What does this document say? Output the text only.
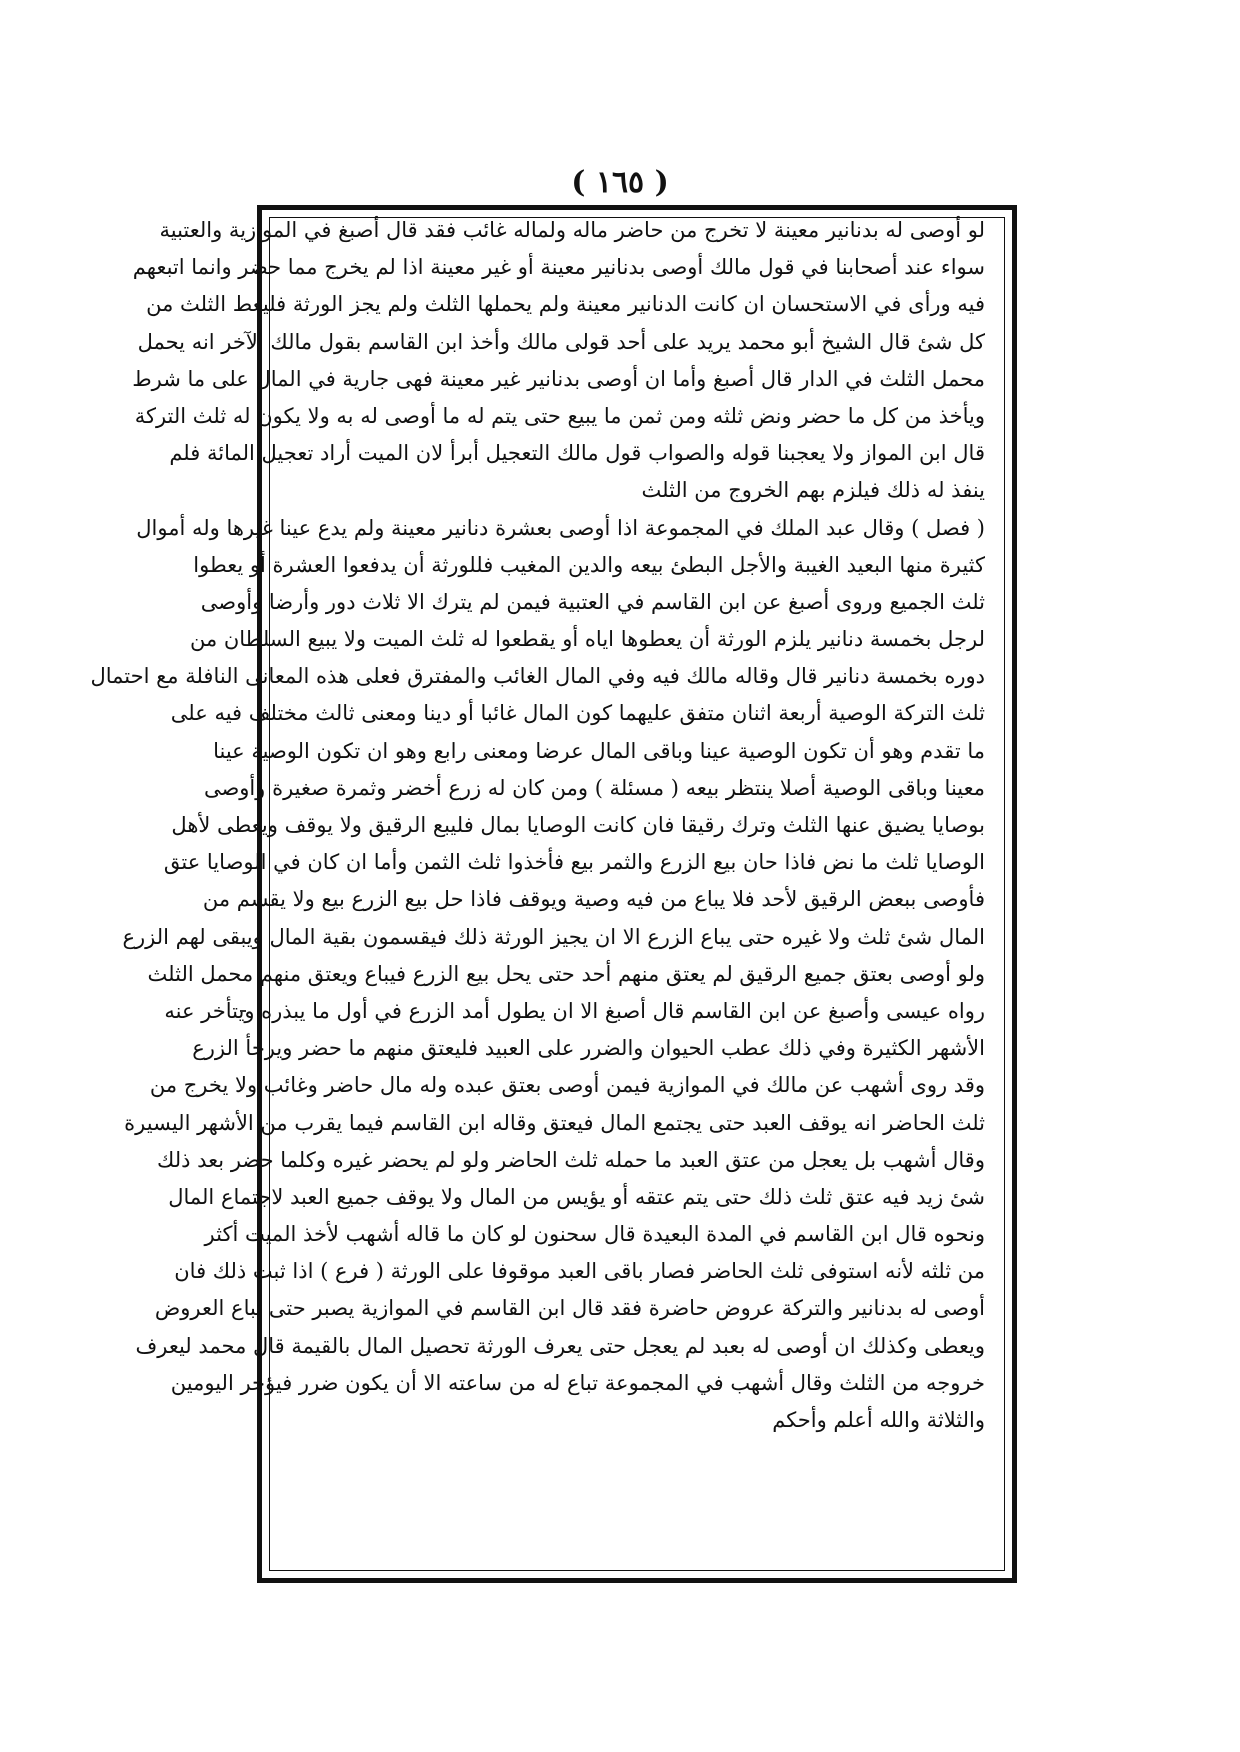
( ١٦٥ )
لو أوصى له بدنانير معينة لا تخرج من حاضر ماله ولماله غائب فقد قال أصبغ في الموازية والعتبية
سواء عند أصحابنا في قول مالك أوصى بدنانير معينة أو غير معينة اذا لم يخرج مما حضر وانما اتبعهم
فيه ورأى في الاستحسان ان كانت الدنانير معينة ولم يحملها الثلث ولم يجز الورثة فليعط الثلث من
كل شئ قال الشيخ أبو محمد يريد على أحد قولى مالك وأخذ ابن القاسم بقول مالك الآخر انه يحمل
محمل الثلث في الدار قال أصبغ وأما ان أوصى بدنانير غير معينة فهى جارية في المال على ما شرط
ويأخذ من كل ما حضر ونض ثلثه ومن ثمن ما يبيع حتى يتم له ما أوصى له به ولا يكون له ثلث التركة
قال ابن المواز ولا يعجبنا قوله والصواب قول مالك التعجيل أبرأ لان الميت أراد تعجيل المائة فلم
ينفذ له ذلك فيلزم بهم الخروج من الثلث
( فصل ) وقال عبد الملك في المجموعة اذا أوصى بعشرة دنانير معينة ولم يدع عينا غيرها وله أموال
كثيرة منها البعيد الغيبة والأجل البطئ بيعه والدين المغيب فللورثة أن يدفعوا العشرة أو يعطوا
ثلث الجميع وروى أصبغ عن ابن القاسم في العتبية فيمن لم يترك الا ثلاث دور وأرضا وأوصى
لرجل بخمسة دنانير يلزم الورثة أن يعطوها اياه أو يقطعوا له ثلث الميت ولا يبيع السلطان من
دوره بخمسة دنانير قال وقاله مالك فيه وفي المال الغائب والمفترق فعلى هذه المعانى النافلة مع احتمال
ثلث التركة الوصية أربعة اثنان متفق عليهما كون المال غائبا أو دينا ومعنى ثالث مختلف فيه على
ما تقدم وهو أن تكون الوصية عينا وباقى المال عرضا ومعنى رابع وهو ان تكون الوصية عينا
معينا وباقى الوصية أصلا ينتظر بيعه ( مسئلة ) ومن كان له زرع أخضر وثمرة صغيرة وأوصى
بوصايا يضيق عنها الثلث وترك رقيقا فان كانت الوصايا بمال فليبع الرقيق ولا يوقف ويعطى لأهل
الوصايا ثلث ما نض فاذا حان بيع الزرع والثمر بيع فأخذوا ثلث الثمن وأما ان كان في الوصايا عتق
فأوصى ببعض الرقيق لأحد فلا يباع من فيه وصية ويوقف فاذا حل بيع الزرع بيع ولا يقسم من
المال شئ ثلث ولا غيره حتى يباع الزرع الا ان يجيز الورثة ذلك فيقسمون بقية المال ويبقى لهم الزرع
ولو أوصى بعتق جميع الرقيق لم يعتق منهم أحد حتى يحل بيع الزرع فيباع ويعتق منهم محمل الثلث
رواه عيسى وأصبغ عن ابن القاسم قال أصبغ الا ان يطول أمد الزرع في أول ما يبذره ويتأخر عنه
الأشهر الكثيرة وفي ذلك عطب الحيوان والضرر على العبيد فليعتق منهم ما حضر ويرجأ الزرع
وقد روى أشهب عن مالك في الموازية فيمن أوصى بعتق عبده وله مال حاضر وغائب ولا يخرج من
ثلث الحاضر انه يوقف العبد حتى يجتمع المال فيعتق وقاله ابن القاسم فيما يقرب من الأشهر اليسيرة
وقال أشهب بل يعجل من عتق العبد ما حمله ثلث الحاضر ولو لم يحضر غيره وكلما حضر بعد ذلك
شئ زيد فيه عتق ثلث ذلك حتى يتم عتقه أو يؤيس من المال ولا يوقف جميع العبد لاجتماع المال
ونحوه قال ابن القاسم في المدة البعيدة قال سحنون لو كان ما قاله أشهب لأخذ الميت أكثر
من ثلثه لأنه استوفى ثلث الحاضر فصار باقى العبد موقوفا على الورثة ( فرع ) اذا ثبت ذلك فان
أوصى له بدنانير والتركة عروض حاضرة فقد قال ابن القاسم في الموازية يصبر حتى تباع العروض
ويعطى وكذلك ان أوصى له بعبد لم يعجل حتى يعرف الورثة تحصيل المال بالقيمة قال محمد ليعرف
خروجه من الثلث وقال أشهب في المجموعة تباع له من ساعته الا أن يكون ضرر فيؤخر اليومين
والثلاثة والله أعلم وأحكم
